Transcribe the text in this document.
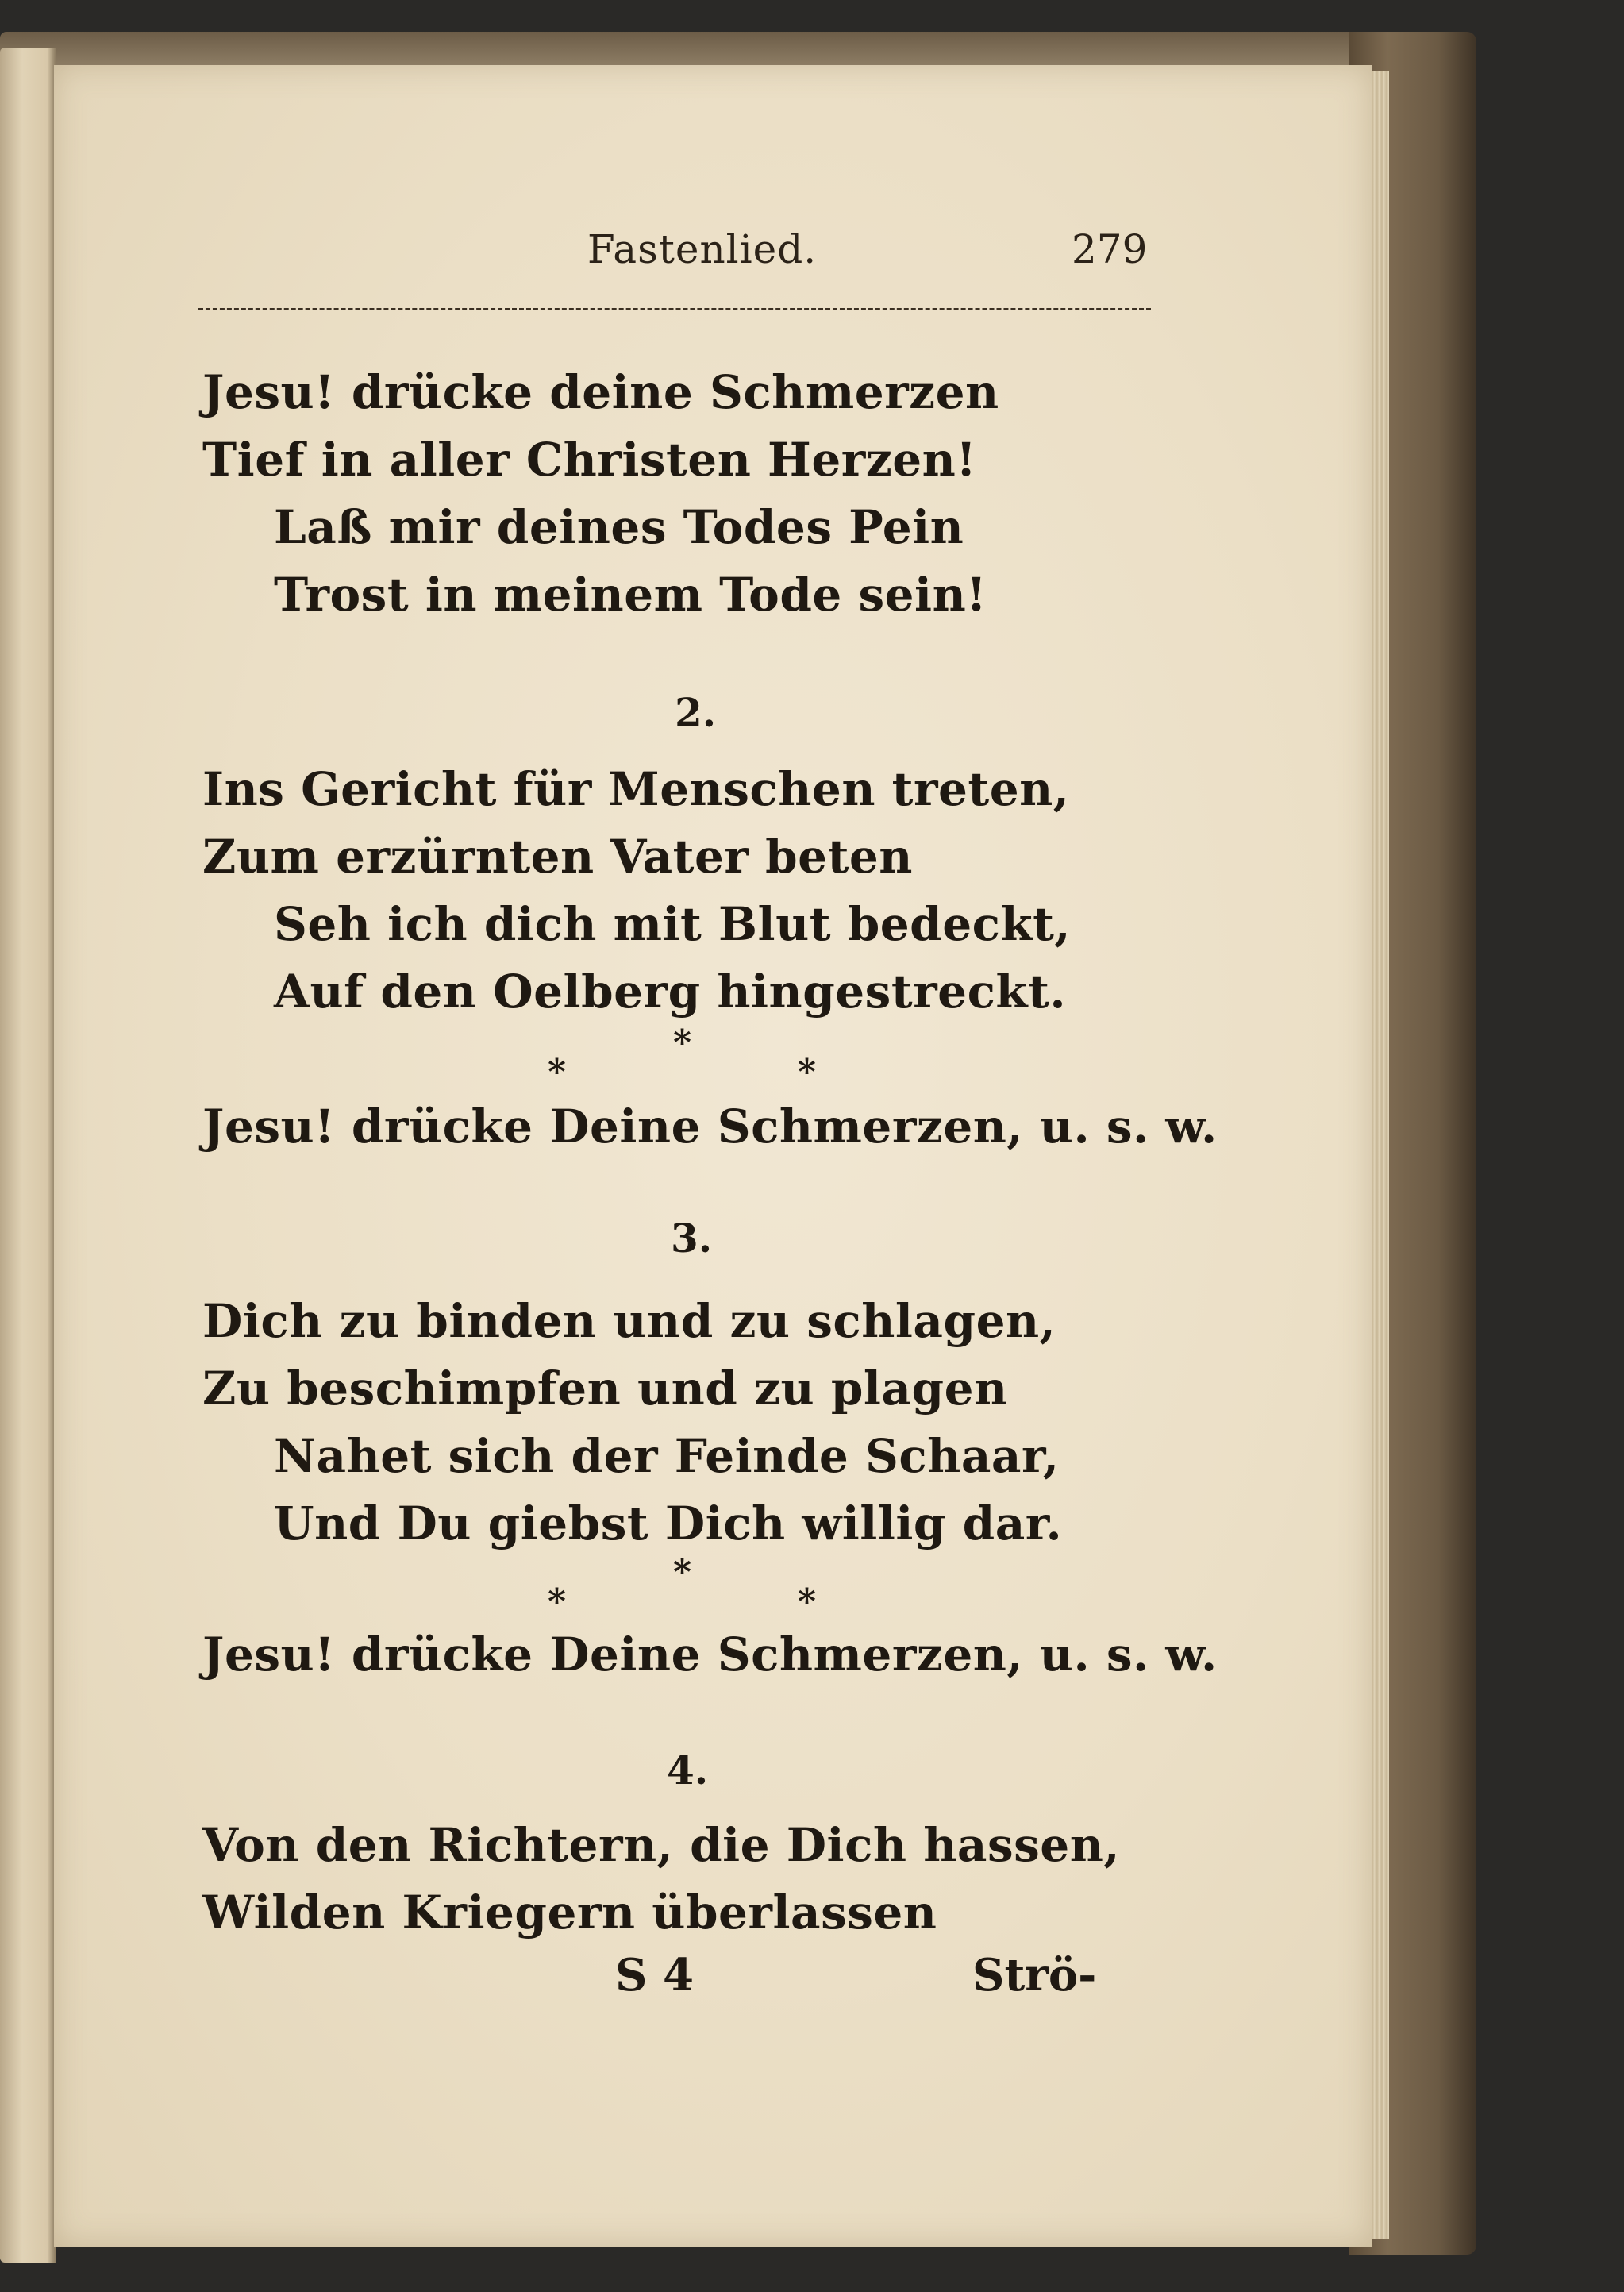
Fastenlied.	279
Jesu! drücke deine Schmerzen
Tief in aller Christen Herzen!
Laß mir deines Todes Pein
Trost in meinem Tode sein!
2.
Ins Gericht für Menschen treten,
Zum erzürnten Vater beten
Seh ich dich mit Blut bedeckt,
Auf den Oelberg hingestreckt.
*
*	*
Jesu! drücke Deine Schmerzen, u. s. w.
3.
Dich zu binden und zu schlagen,
Zu beschimpfen und zu plagen
Nahet sich der Feinde Schaar,
Und Du giebst Dich willig dar.
*
*	*
Jesu! drücke Deine Schmerzen, u. s. w.
4.
Von den Richtern, die Dich hassen,
Wilden Kriegern überlassen
S 4	Strö-
